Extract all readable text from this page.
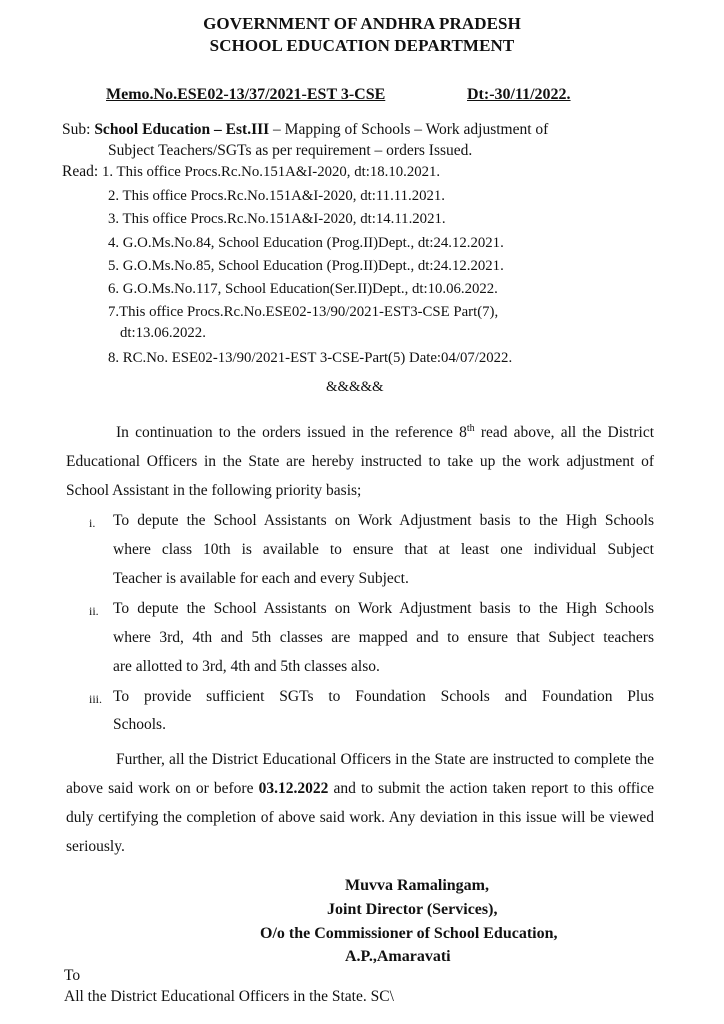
GOVERNMENT OF ANDHRA PRADESH
SCHOOL EDUCATION DEPARTMENT
Memo.No.ESE02-13/37/2021-EST 3-CSE	Dt:-30/11/2022.
Sub: School Education – Est.III – Mapping of Schools – Work adjustment of
Subject Teachers/SGTs as per requirement – orders Issued.
Read: 1. This office Procs.Rc.No.151A&I-2020, dt:18.10.2021.
2. This office Procs.Rc.No.151A&I-2020, dt:11.11.2021.
3. This office Procs.Rc.No.151A&I-2020, dt:14.11.2021.
4. G.O.Ms.No.84, School Education (Prog.II)Dept., dt:24.12.2021.
5. G.O.Ms.No.85, School Education (Prog.II)Dept., dt:24.12.2021.
6. G.O.Ms.No.117, School Education(Ser.II)Dept., dt:10.06.2022.
7.This office Procs.Rc.No.ESE02-13/90/2021-EST3-CSE Part(7),
dt:13.06.2022.
8. RC.No. ESE02-13/90/2021-EST 3-CSE-Part(5) Date:04/07/2022.
&&&&&
In continuation to the orders issued in the reference 8th read above, all the District Educational Officers in the State are hereby instructed to take up the work adjustment of School Assistant in the following priority basis;
i. To depute the School Assistants on Work Adjustment basis to the High Schools
where class 10th is available to ensure that at least one individual Subject
Teacher is available for each and every Subject.
ii. To depute the School Assistants on Work Adjustment basis to the High Schools
where 3rd, 4th and 5th classes are mapped and to ensure that Subject teachers
are allotted to 3rd, 4th and 5th classes also.
iii. To provide sufficient SGTs to Foundation Schools and Foundation Plus
Schools.
Further, all the District Educational Officers in the State are instructed to complete the above said work on or before 03.12.2022 and to submit the action taken report to this office duly certifying the completion of above said work. Any deviation in this issue will be viewed seriously.
Muvva Ramalingam,
Joint Director (Services),
O/o the Commissioner of School Education,
A.P.,Amaravati
To
All the District Educational Officers in the State. SC\
